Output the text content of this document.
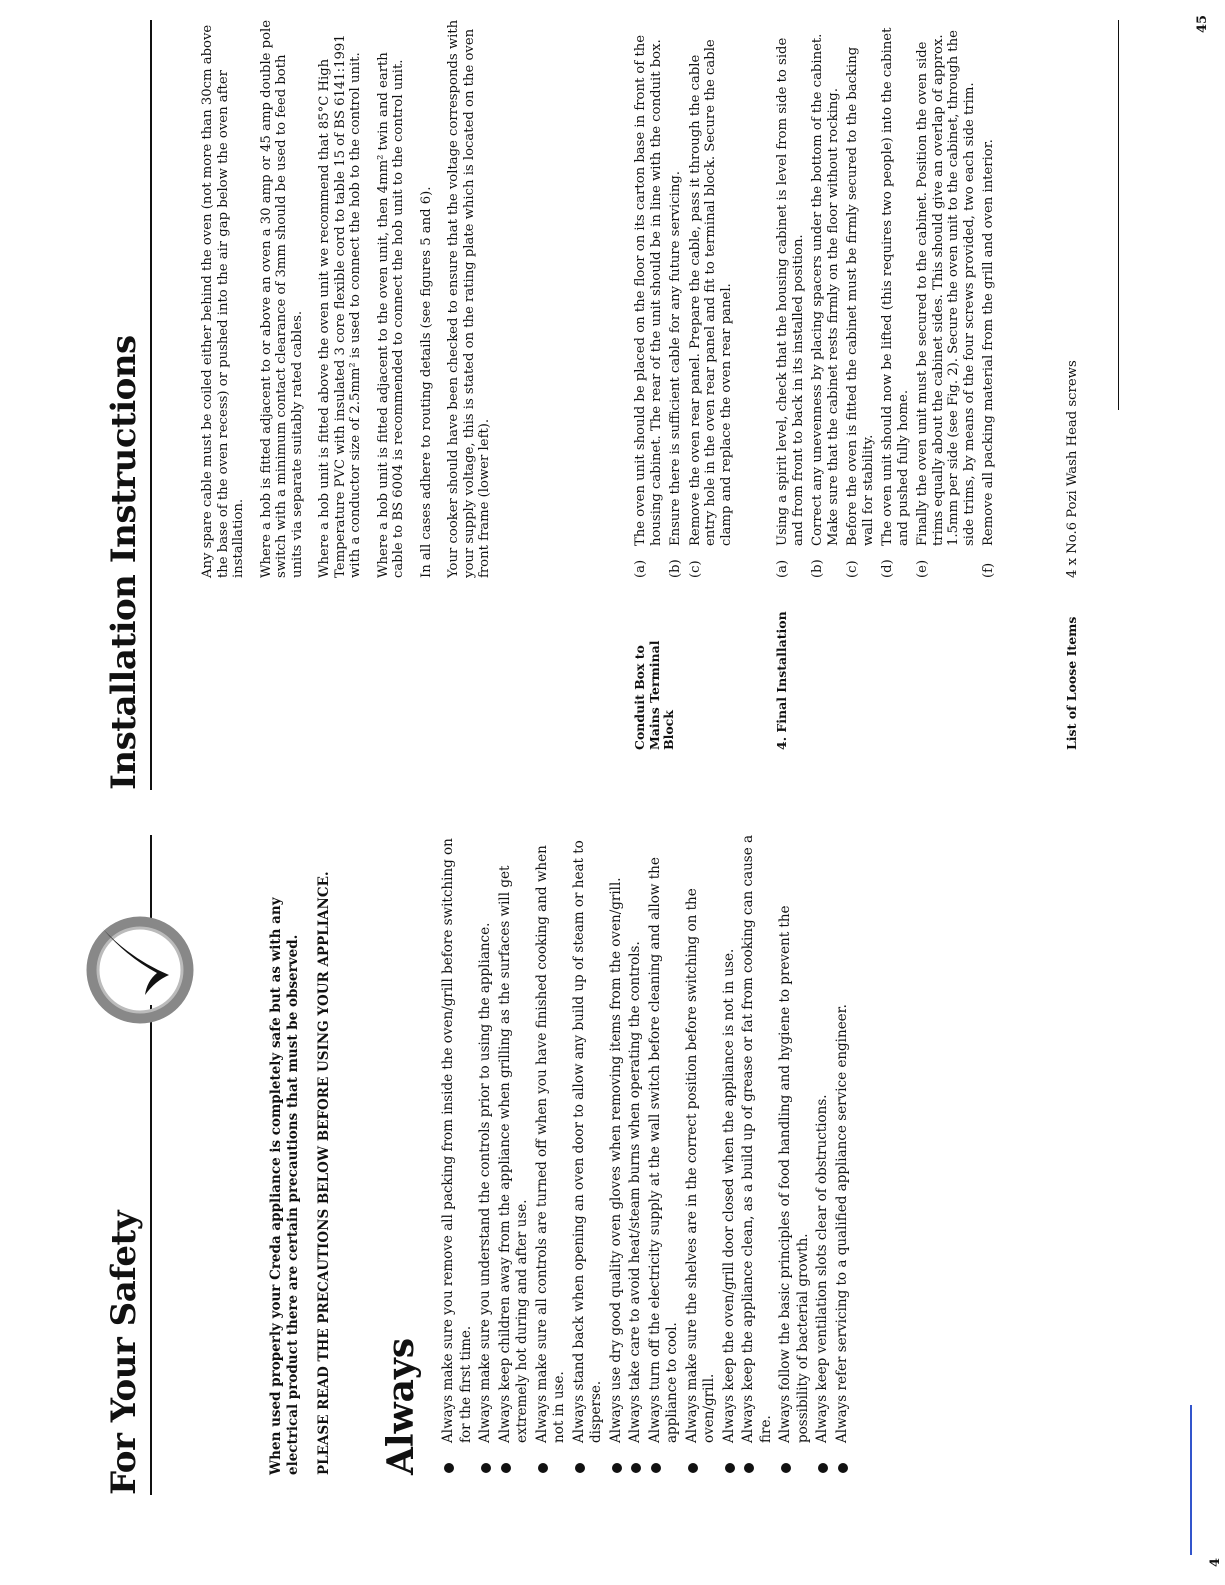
For Your Safety	When used properly your Creda appliance is completely safe but as with any electrical product there are certain precautions that must be observed. PLEASE READ THE PRECAUTIONS BELOW BEFORE USING YOUR APPLIANCE. Always Always make sure you remove all packing from inside the oven/grill before switching on for the first time. Always make sure you understand the controls prior to using the appliance. Always keep children away from the appliance when grilling as the surfaces will get extremely hot during and after use. Always make sure all controls are turned off when you have finished cooking and when not in use. Always stand back when opening an oven door to allow any build up of steam or heat to disperse. Always use dry good quality oven gloves when removing items from the oven/grill. Always take care to avoid heat/steam burns when operating the controls. Always turn off the electricity supply at the wall switch before cleaning and allow the appliance to cool. Always make sure the shelves are in the correct position before switching on the oven/grill. Always keep the oven/grill door closed when the appliance is not in use. Always keep the appliance clean, as a build up of grease or fat from cooking can cause a fire. Always follow the basic principles of food handling and hygiene to prevent the possibility of bacterial growth. Always keep ventilation slots clear of obstructions. Always refer servicing to a qualified appliance service engineer.
4
Installation Instructions	Any spare cable must be coiled either behind the oven (not more than 30cm above the base of the oven recess) or pushed into the air gap below the oven after installation. Where a hob is fitted adjacent to or above an oven a 30 amp or 45 amp double pole switch with a minimum contact clearance of 3mm should be used to feed both units via separate suitably rated cables. Where a hob unit is fitted above the oven unit we recommend that 85°C High Temperature PVC with insulated 3 core flexible cord to table 15 of BS 6141:1991 with a conductor size of 2.5mm² is used to connect the hob to the control unit. Where a hob unit is fitted adjacent to the oven unit, then 4mm² twin and earth cable to BS 6004 is recommended to connect the hob unit to the control unit. In all cases adhere to routing details (see figures 5 and 6). Your cooker should have been checked to ensure that the voltage corresponds with your supply voltage, this is stated on the rating plate which is located on the oven front frame (lower left).

Conduit Box to Mains Terminal Block
(a)
The oven unit should be placed on the floor on its carton base in front of the housing cabinet. The rear of the unit should be in line with the conduit box.
(b)
Ensure there is sufficient cable for any future servicing.
(c)
Remove the oven rear panel. Prepare the cable, pass it through the cable entry hole in the oven rear panel and fit to terminal block. Secure the cable clamp and replace the oven rear panel.
4. Final Installation
(a)
Using a spirit level, check that the housing cabinet is level from side to side and from front to back in its installed position.
(b)
Correct any unevenness by placing spacers under the bottom of the cabinet. Make sure that the cabinet rests firmly on the floor without rocking.
(c)
Before the oven is fitted the cabinet must be firmly secured to the backing wall for stability.
(d)
The oven unit should now be lifted (this requires two people) into the cabinet and pushed fully home.
(e)
Finally the oven unit must be secured to the cabinet. Position the oven side trims equally about the cabinet sides. This should give an overlap of approx. 1.5mm per side (see Fig. 2). Secure the oven unit to the cabinet, through the side trims, by means of the four screws provided, two each side trim.
(f)
Remove all packing material from the grill and oven interior.
List of Loose Items
4 x No.6 Pozi Wash Head screws
45
